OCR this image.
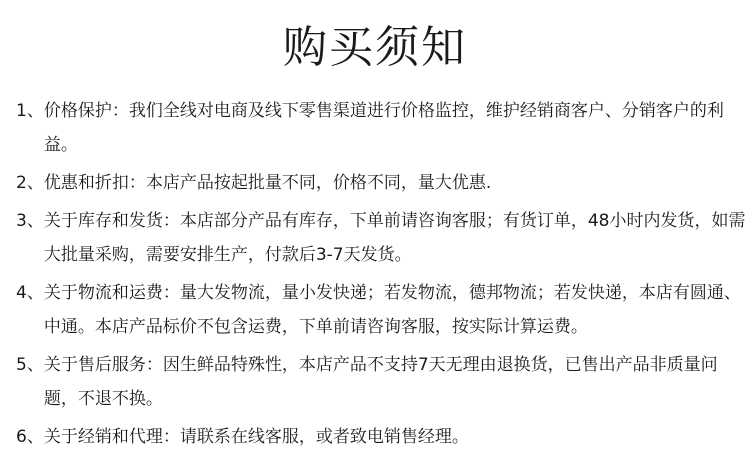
购买须知
1、 价格保护：我们全线对电商及线下零售渠道进行价格监控，维护经销商客户、分销客户的利益。
2、 优惠和折扣：本店产品按起批量不同，价格不同，量大优惠.
3、 关于库存和发货：本店部分产品有库存，下单前请咨询客服；有货订单，48小时内发货，如需大批量采购，需要安排生产，付款后3-7天发货。
4、 关于物流和运费：量大发物流，量小发快递；若发物流，德邦物流；若发快递，本店有圆通、中通。本店产品标价不包含运费，下单前请咨询客服，按实际计算运费。
5、 关于售后服务：因生鲜品特殊性，本店产品不支持7天无理由退换货，已售出产品非质量问题，不退不换。
6、 关于经销和代理：请联系在线客服，或者致电销售经理。
